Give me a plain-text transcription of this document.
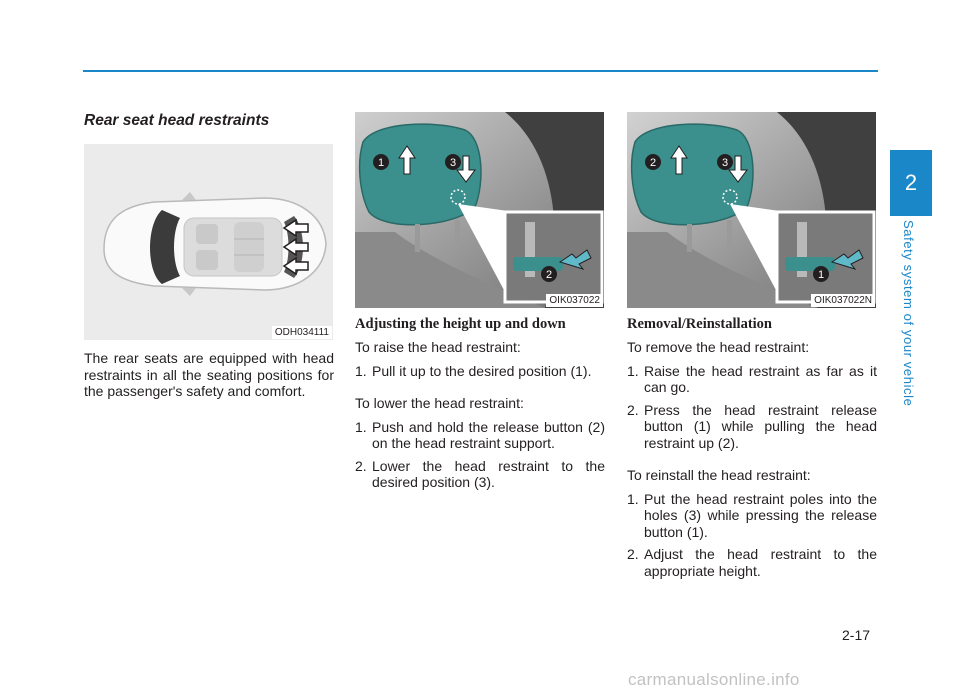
2
Safety system of your vehicle
Rear seat head restraints
ODH034111

The rear seats are equipped with head restraints in all the seating positions for the passenger's safety and comfort.

1	3
2
OIK037022
Adjusting the height up and down

To raise the head restraint:

1. Pull it up to the desired position (1).

To lower the head restraint:

1. Push and hold the release button (2) on the head restraint support.
2. Lower the head restraint to the desired position (3).
2	3
1
OIK037022N
Removal/Reinstallation

To remove the head restraint:

1. Raise the head restraint as far as it can go.
2. Press the head restraint release button (1) while pulling the head restraint up (2).

To reinstall the head restraint:

1. Put the head restraint poles into the holes (3) while pressing the release button (1).
2. Adjust the head restraint to the appropriate height.
2-17
carmanualsonline.info
